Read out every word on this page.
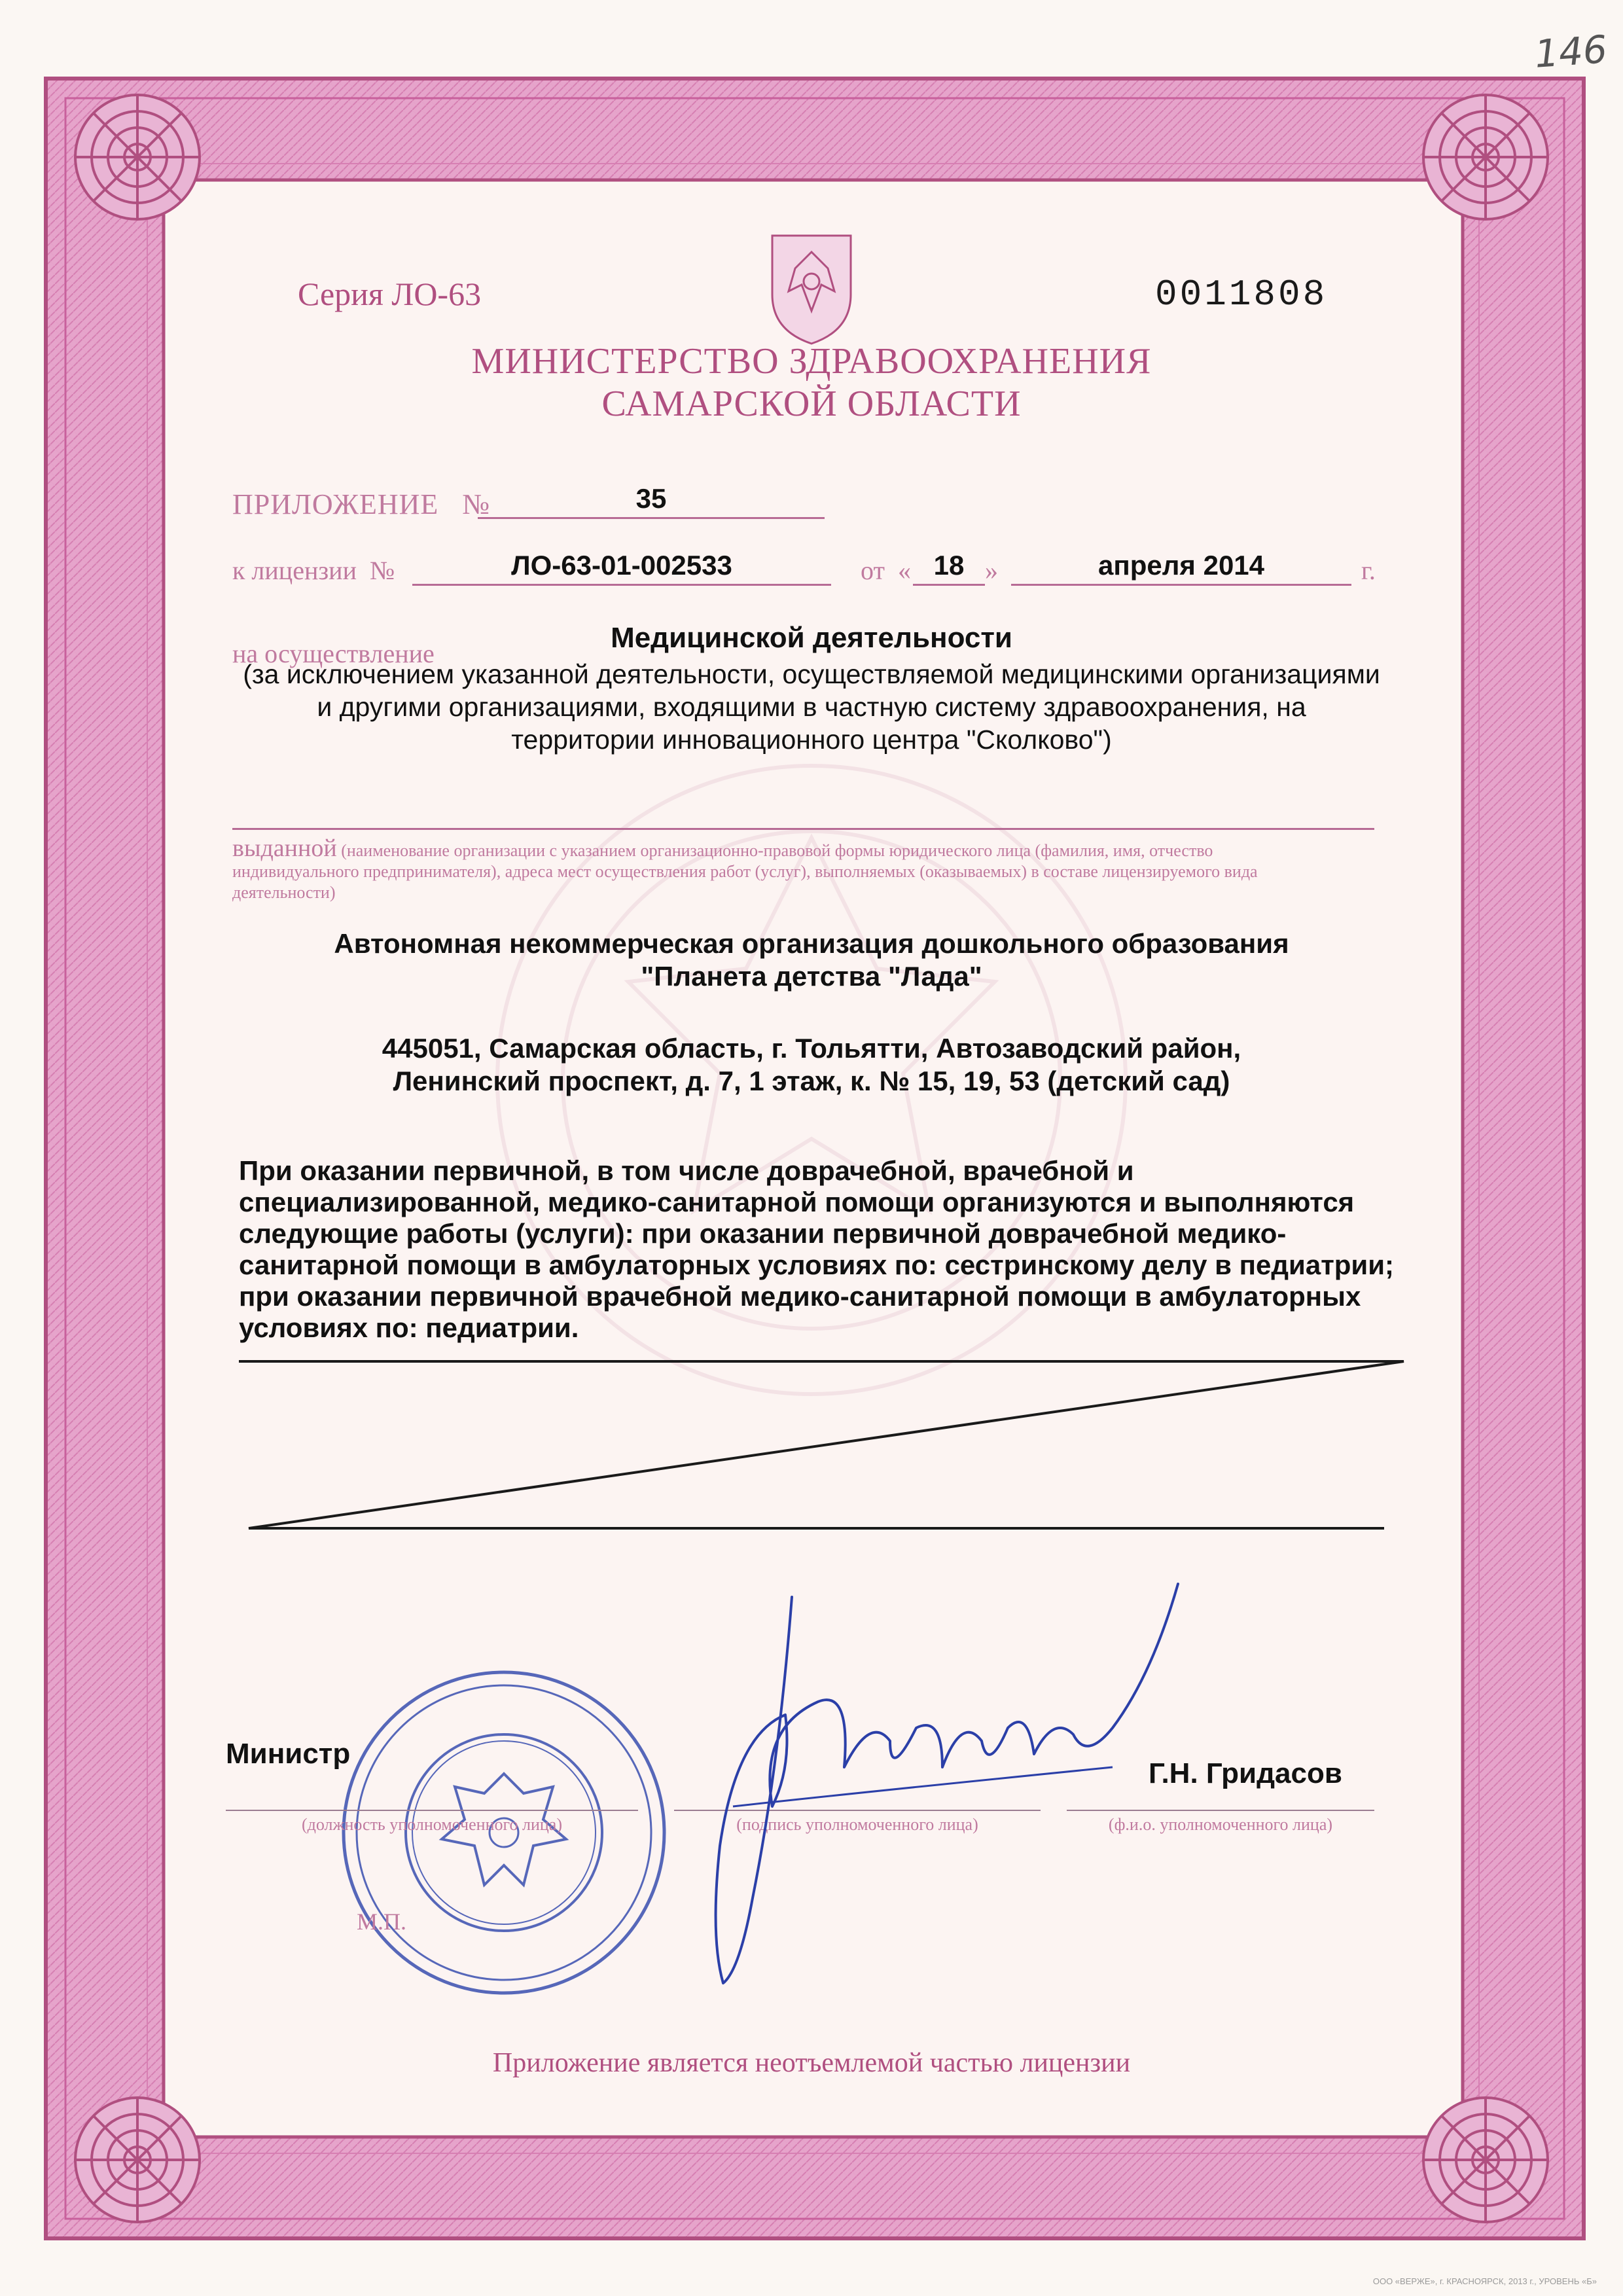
146
Серия ЛО-63	0011808
МИНИСТЕРСТВО ЗДРАВООХРАНЕНИЯ
САМАРСКОЙ ОБЛАСТИ
ПРИЛОЖЕНИЕ №	35
к лицензии №	ЛО-63-01-002533	от « 18 »	апреля 2014	г.
на осуществление	Медицинской деятельности
(за исключением указанной деятельности, осуществляемой медицинскими организациями
и другими организациями, входящими в частную систему здравоохранения, на
территории инновационного центра "Сколково")
выданной (наименование организации с указанием организационно-правовой формы юридического лица (фамилия, имя, отчество
индивидуального предпринимателя), адреса мест осуществления работ (услуг), выполняемых (оказываемых) в составе лицензируемого вида
деятельности)
Автономная некоммерческая организация дошкольного образования
"Планета детства "Лада"
445051, Самарская область, г. Тольятти, Автозаводский район,
Ленинский проспект, д. 7, 1 этаж, к. № 15, 19, 53 (детский сад)
При оказании первичной, в том числе доврачебной, врачебной и
специализированной, медико-санитарной помощи организуются и выполняются
следующие работы (услуги): при оказании первичной доврачебной медико-
санитарной помощи в амбулаторных условиях по: сестринскому делу в педиатрии;
при оказании первичной врачебной медико-санитарной помощи в амбулаторных
условиях по: педиатрии.
Министр
(должность уполномоченного лица)	(подпись уполномоченного лица)
Г.Н. Гридасов
(ф.и.о. уполномоченного лица)
М.П.
Приложение является неотъемлемой частью лицензии
ООО «ВЕРЖЕ», г. КРАСНОЯРСК, 2013 г., УРОВЕНЬ «Б»
